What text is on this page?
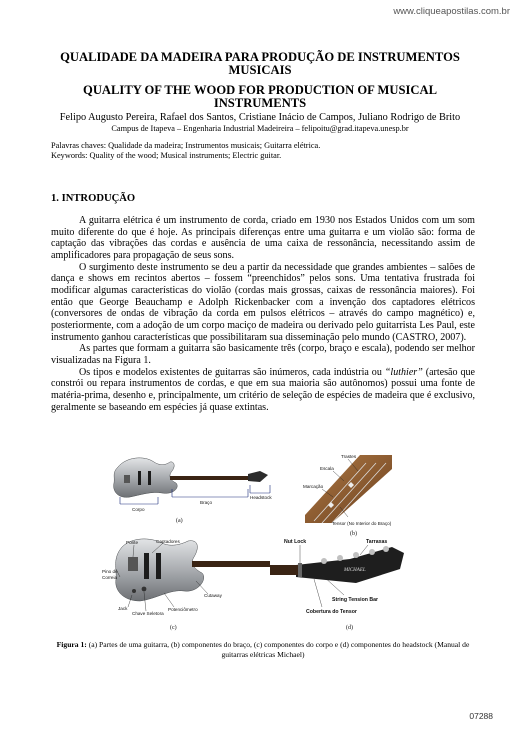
www.cliqueapostilas.com.br
QUALIDADE DA MADEIRA PARA PRODUÇÃO DE INSTRUMENTOS MUSICAIS
QUALITY OF THE WOOD FOR PRODUCTION OF MUSICAL INSTRUMENTS
Felipo Augusto Pereira, Rafael dos Santos, Cristiane Inácio de Campos, Juliano Rodrigo de Brito
Campus de Itapeva – Engenharia Industrial Madeireira – felipoitu@grad.itapeva.unesp.br
Palavras chaves: Qualidade da madeira; Instrumentos musicais; Guitarra elétrica.
Keywords: Quality of the wood; Musical instruments; Electric guitar.
1. INTRODUÇÃO

A guitarra elétrica é um instrumento de corda, criado em 1930 nos Estados Unidos com um som muito diferente do que é hoje. As principais diferenças entre uma guitarra e um violão são: forma de captação das vibrações das cordas e ausência de uma caixa de ressonância, necessitando assim de amplificadores para propagação de seus sons.

O surgimento deste instrumento se deu a partir da necessidade que grandes ambientes – salões de dança e shows em recintos abertos – fossem “preenchidos” pelos sons. Uma tentativa frustrada foi modificar algumas características do violão (cordas mais grossas, caixas de ressonância maiores). Foi então que George Beauchamp e Adolph Rickenbacker com a invenção dos captadores elétricos (conversores de ondas de vibração da corda em pulsos elétricos – através do campo magnético) e, posteriormente, com a adoção de um corpo maciço de madeira ou derivado pelo guitarrista Les Paul, este instrumento ganhou características que possibilitaram sua disseminação pelo mundo (CASTRO, 2007).

As partes que formam a guitarra são basicamente três (corpo, braço e escala), podendo ser melhor visualizadas na Figura 1.

Os tipos e modelos existentes de guitarras são inúmeros, cada indústria ou “luthier” (artesão que constrói ou repara instrumentos de cordas, e que em sua maioria são autônomos) possui uma fonte de matéria-prima, desenho e, principalmente, um critério de seleção de espécies de madeira que é exclusivo, geralmente se baseando em espécies já quase extintas.

Corpo
Braço
Headstock
(a)
Trastes
Escala
Marcação
Tensor (No Interior do Braço)
(b)
Ponte	Captadores
Pino de
Correia
Jack
Chave Seletora
Potenciômetro
Cutaway
(c)
MICHAEL
Nut Lock	Tarraxas
String Tension Bar
Cobertura do Tensor
(d)
Figura 1: (a) Partes de uma guitarra, (b) componentes do braço, (c) componentes do corpo e (d) componentes do headstock (Manual de guitarras elétricas Michael)
07288
